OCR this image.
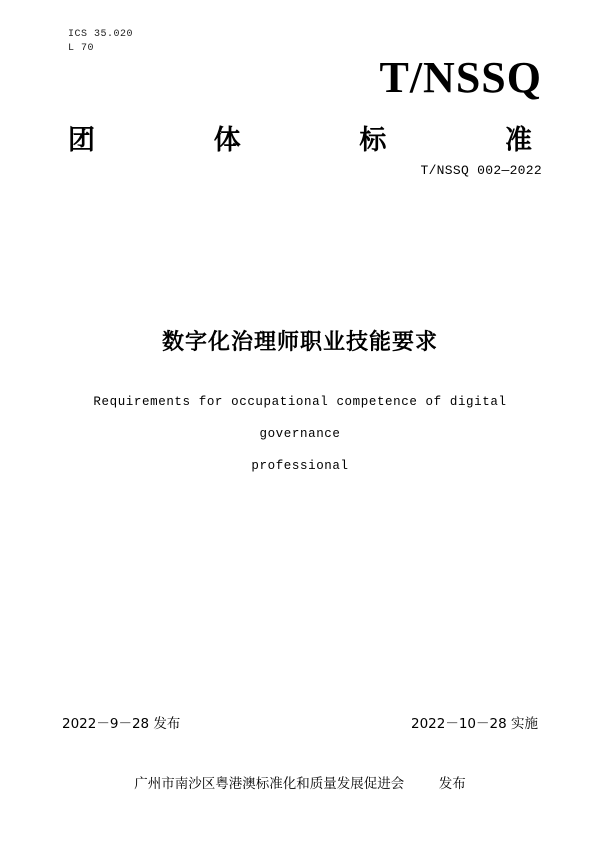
ICS 35.020
L 70
T/NSSQ
团	体	标	准
T/NSSQ 002—2022
数字化治理师职业技能要求
Requirements for occupational competence of digital governance
professional
2022－9－28 发布	2022－10－28 实施
广州市南沙区粤港澳标准化和质量发展促进会	发布
